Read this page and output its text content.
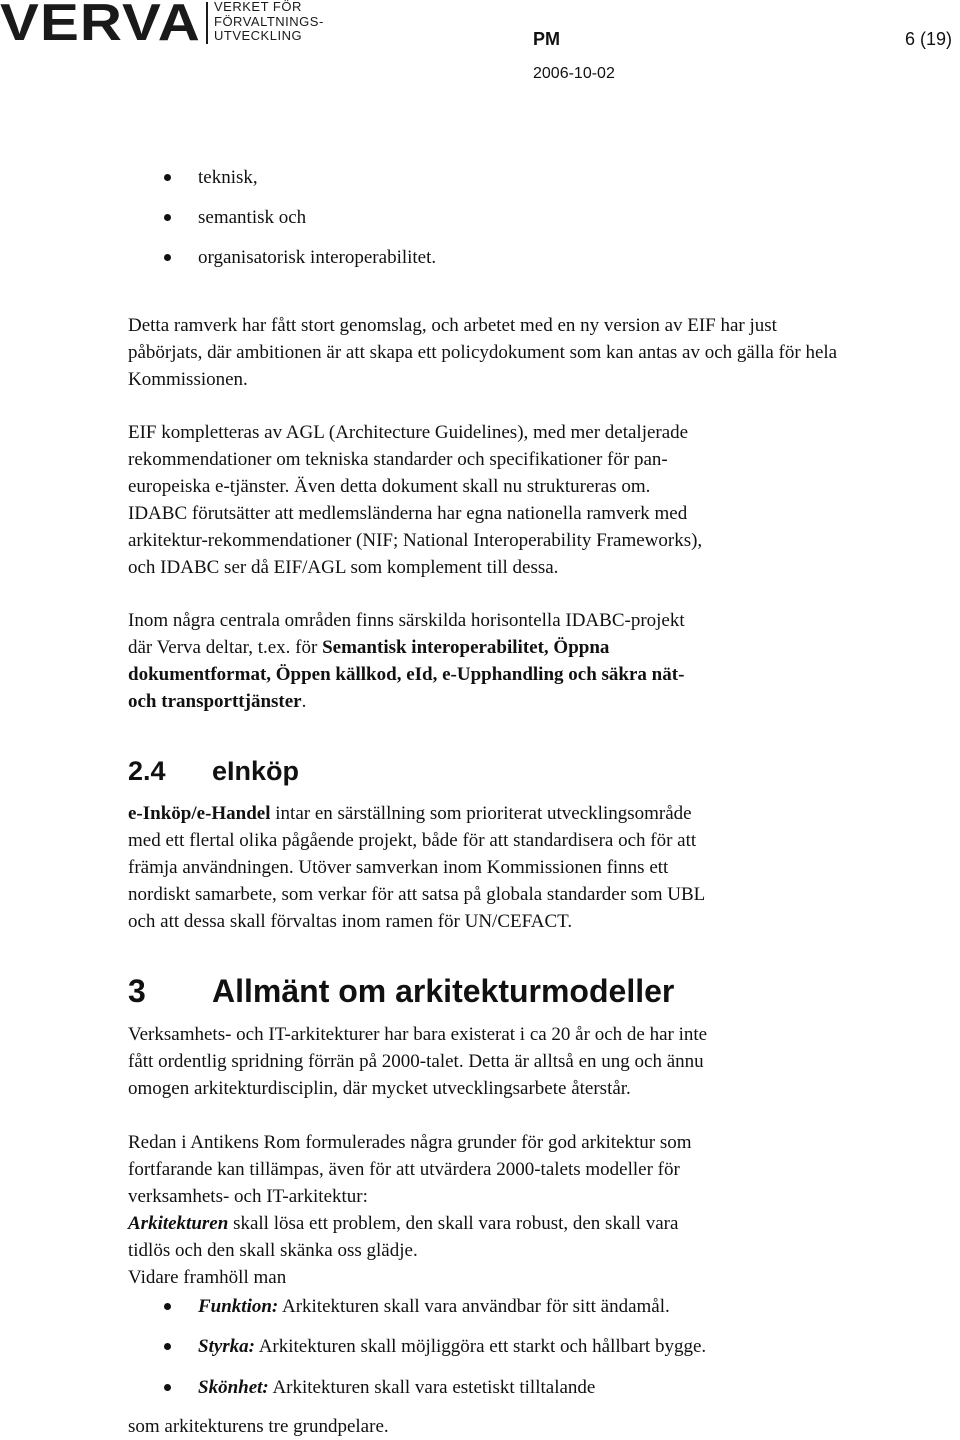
VERVA VERKET FÖR
FÖRVALTNINGS-
UTVECKLING	PM	6 (19)
2006-10-02
teknisk,
semantisk och
organisatorisk interoperabilitet.

Detta ramverk har fått stort genomslag, och arbetet med en ny version av EIF har just påbörjats, där ambitionen är att skapa ett policydokument som kan antas av och gälla för hela Kommissionen.

EIF kompletteras av AGL (Architecture Guidelines), med mer detaljerade
rekommendationer om tekniska standarder och specifikationer för pan-
europeiska e-tjänster. Även detta dokument skall nu struktureras om.
IDABC förutsätter att medlemsländerna har egna nationella ramverk med
arkitektur-rekommendationer (NIF; National Interoperability Frameworks),
och IDABC ser då EIF/AGL som komplement till dessa.
Inom några centrala områden finns särskilda horisontella IDABC-projekt
där Verva deltar, t.ex. för Semantisk interoperabilitet, Öppna
dokumentformat, Öppen källkod, eId, e-Upphandling och säkra nät-
och transporttjänster.
2.4 eInköp
e-Inköp/e-Handel intar en särställning som prioriterat utvecklingsområde
med ett flertal olika pågående projekt, både för att standardisera och för att
främja användningen. Utöver samverkan inom Kommissionen finns ett
nordiskt samarbete, som verkar för att satsa på globala standarder som UBL
och att dessa skall förvaltas inom ramen för UN/CEFACT.
3 Allmänt om arkitekturmodeller
Verksamhets- och IT-arkitekturer har bara existerat i ca 20 år och de har inte
fått ordentlig spridning förrän på 2000-talet. Detta är alltså en ung och ännu
omogen arkitekturdisciplin, där mycket utvecklingsarbete återstår.
Redan i Antikens Rom formulerades några grunder för god arkitektur som
fortfarande kan tillämpas, även för att utvärdera 2000-talets modeller för
verksamhets- och IT-arkitektur:
Arkitekturen skall lösa ett problem, den skall vara robust, den skall vara
tidlös och den skall skänka oss glädje.
Vidare framhöll man
Funktion: Arkitekturen skall vara användbar för sitt ändamål.
Styrka: Arkitekturen skall möjliggöra ett starkt och hållbart bygge.
Skönhet: Arkitekturen skall vara estetiskt tilltalande
som arkitekturens tre grundpelare.
